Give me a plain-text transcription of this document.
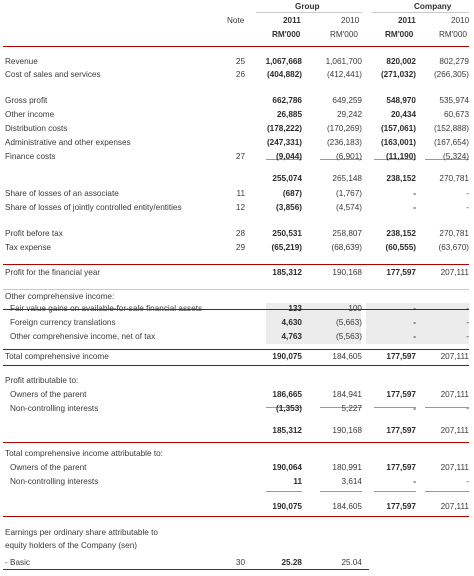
Group	Company
Note	2011	2010	2011	2010
RM'000	RM'000	RM'000	RM'000
Revenue	25	1,067,668	1,061,700	820,002	802,279
Cost of sales and services	26	(404,882)	(412,441)	(271,032)	(266,305)
Gross profit	662,786	649,259	548,970	535,974
Other income	26,885	29,242	20,434	60,673
Distribution costs	(178,222)	(170,269)	(157,061)	(152,888)
Administrative and other expenses	(247,331)	(236,183)	(163,001)	(167,654)
Finance costs	27	(9,044)	(6,901)	(11,190)	(5,324)
255,074	265,148	238,152	270,781
Share of losses of an associate	11	(687)	(1,767)	-	-
Share of losses of jointly controlled entity/entities	12	(3,856)	(4,574)	-	-
Profit before tax	28	250,531	258,807	238,152	270,781
Tax expense	29	(65,219)	(68,639)	(60,555)	(63,670)
Profit for the financial year	185,312	190,168	177,597	207,111
Other comprehensive income:
Fair value gains on available-for-sale financial assets	133	100	-	-
Foreign currency translations	4,630	(5,663)	-	-
Other comprehensive income, net of tax	4,763	(5,563)	-	-
Total comprehensive income	190,075	184,605	177,597	207,111
Profit attributable to:
Owners of the parent	186,665	184,941	177,597	207,111
Non-controlling interests	(1,353)	5,227	-	-
185,312	190,168	177,597	207,111
Total comprehensive income attributable to:
Owners of the parent	190,064	180,991	177,597	207,111
Non-controlling interests	11	3,614	-	-
190,075	184,605	177,597	207,111
Earnings per ordinary share attributable to
equity holders of the Company (sen)
- Basic	30	25.28	25.04
